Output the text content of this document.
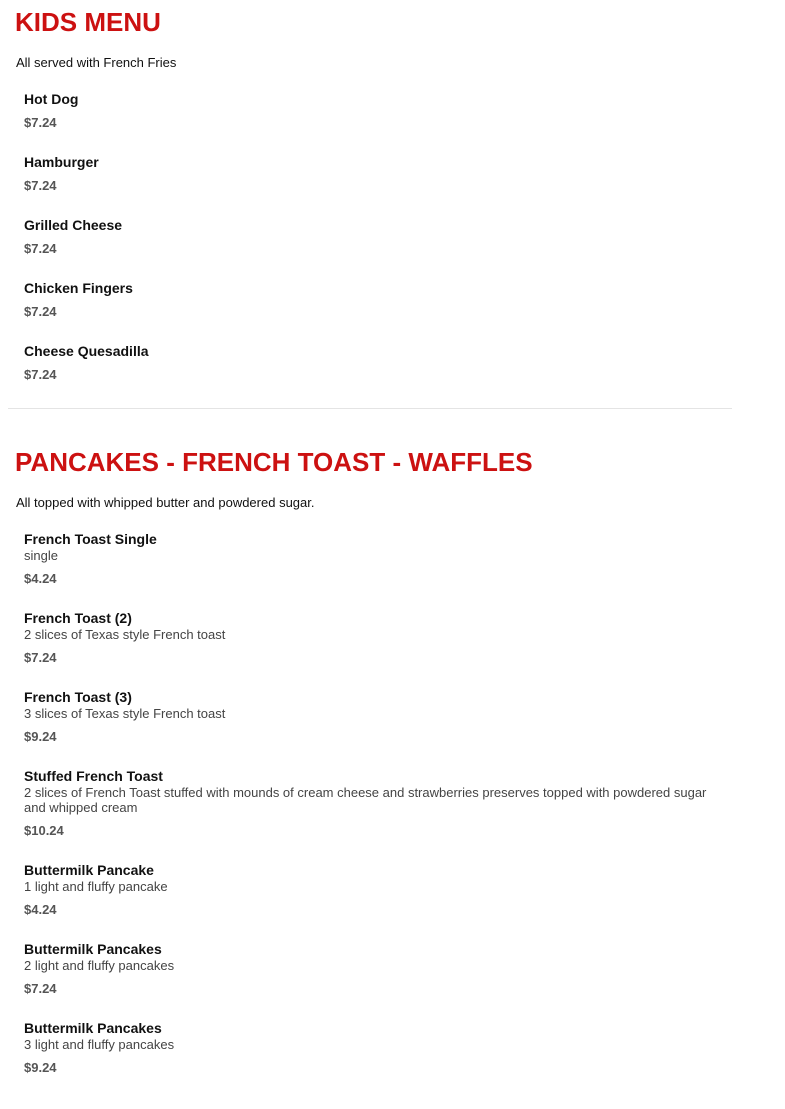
KIDS MENU
All served with French Fries
Hot Dog
$7.24
Hamburger
$7.24
Grilled Cheese
$7.24
Chicken Fingers
$7.24
Cheese Quesadilla
$7.24
PANCAKES - FRENCH TOAST - WAFFLES
All topped with whipped butter and powdered sugar.
French Toast Single
single
$4.24
French Toast (2)
2 slices of Texas style French toast
$7.24
French Toast (3)
3 slices of Texas style French toast
$9.24
Stuffed French Toast
2 slices of French Toast stuffed with mounds of cream cheese and strawberries preserves topped with powdered sugar and whipped cream
$10.24
Buttermilk Pancake
1 light and fluffy pancake
$4.24
Buttermilk Pancakes
2 light and fluffy pancakes
$7.24
Buttermilk Pancakes
3 light and fluffy pancakes
$9.24
